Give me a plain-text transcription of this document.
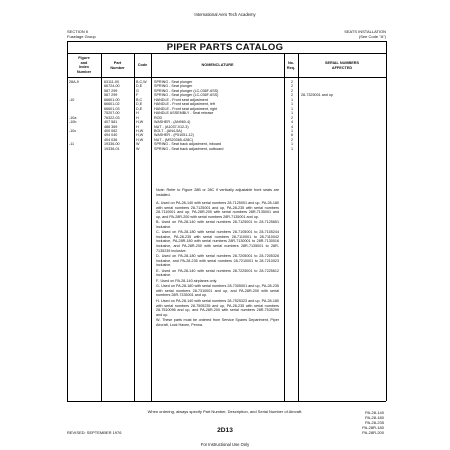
International Aero Tech Academy
SECTION II
Fuselage Group
SEATS INSTALLATION
(See Code "A")
PIPER PARTS CATALOG
Figure
and
Index
Number
Part
Number
Code	NOMENCLATURE	No.
Req.
SERIAL NUMBERS
AFFECTED
28A-9	63111-00	B,C,W	SPRING - Seat plunger	2
66724-00	D,E	SPRING - Seat plunger	2
587 299	G	SPRING - Seat plunger (LC-036F-6SS)	2
587 299	F	SPRING - Seat plunger (LC-036F-6SS)	2	28-7325001 and up
-10	66601-00	B,C	HANDLE - Front seat adjustment	1
66601-02	D,E	HANDLE - Front seat adjustment, left	1
66601-03	D,E	HANDLE - Front seat adjustment, right	1
75207-00	H	HANDLE ASSEMBLY - Seat release	1
-10a	76322-03	H	ROD	2
-10b	407 581	H,W	WASHER - (AN960-4)	4
486 369	H	NUT - (A1037-012-3)	4
-10c	400 062	H,W	BOLT - (AN4-5A)	1
494 040	H,W	WASHER - (P51051-12)	6
404 036	H,W	NUT - (MS20365-428C)	2
-11	19336-00	W	SPRING - Seat back adjustment, inboard	1
19336-01	W	SPRING - Seat back adjustment, outboard	1
Note: Refer to Figure 28B or 28C if vertically adjustable front seats are installed.
A- Used on PA-28-140 with serial numbers 28-7125001 and up, PA-28-180 with serial numbers 28-7125001 and up, PA-28-235 with serial numbers 28-7110001 and up, PA-28R-200 with serial numbers 28R-7135001 and up, and PA-28R-200 with serial numbers 28R-7135001 and up.
B- Used on PA-28-140 with serial numbers 28-7125001 to 28-7125651 inclusive.
C- Used on PA-28-180 with serial numbers 28-7105001 to 28-7105244 inclusive, PA-28-235 with serial numbers 28-7110001 to 28-7110042 inclusive, PA-28R-180 with serial numbers 28R-7130001 to 28R-7130016 inclusive, and PA-28R-200 with serial numbers 28R-7135001 to 28R-7135239 inclusive.
D- Used on PA-28-180 with serial numbers 28-7205001 to 28-7205326 inclusive, and PA-28-235 with serial numbers 28-7210001 to 28-7210023 inclusive.
E- Used on PA-28-140 with serial numbers 28-7225001 to 28-7225612 inclusive.
F- Used on PA-28-140 airplanes only.
G- Used on PA-28-180 with serial numbers 28-7305001 and up, PA-28-235 with serial numbers 28-7310001 and up, and PA-28R-200 with serial numbers 28R-7335001 and up.
H- Used on PA-28-140 with serial numbers 28-7525323 and up, PA-28-180 with serial numbers 28-7505235 and up, PA-28-235 with serial numbers 28-7510096 and up, and PA-28R-200 with serial numbers 28R-7535299 and up.
W- These parts must be ordered from Service Spares Department, Piper Aircraft, Lock Haven, Penna.
When ordering, always specify Part Number, Description, and Serial Number of Aircraft.
REVISED: SEPTEMBER 1976	2D13
PA-28-140
PA-28-180
PA-28-235
PA-28R-180
PA-28R-200
For Instructional Use Only
